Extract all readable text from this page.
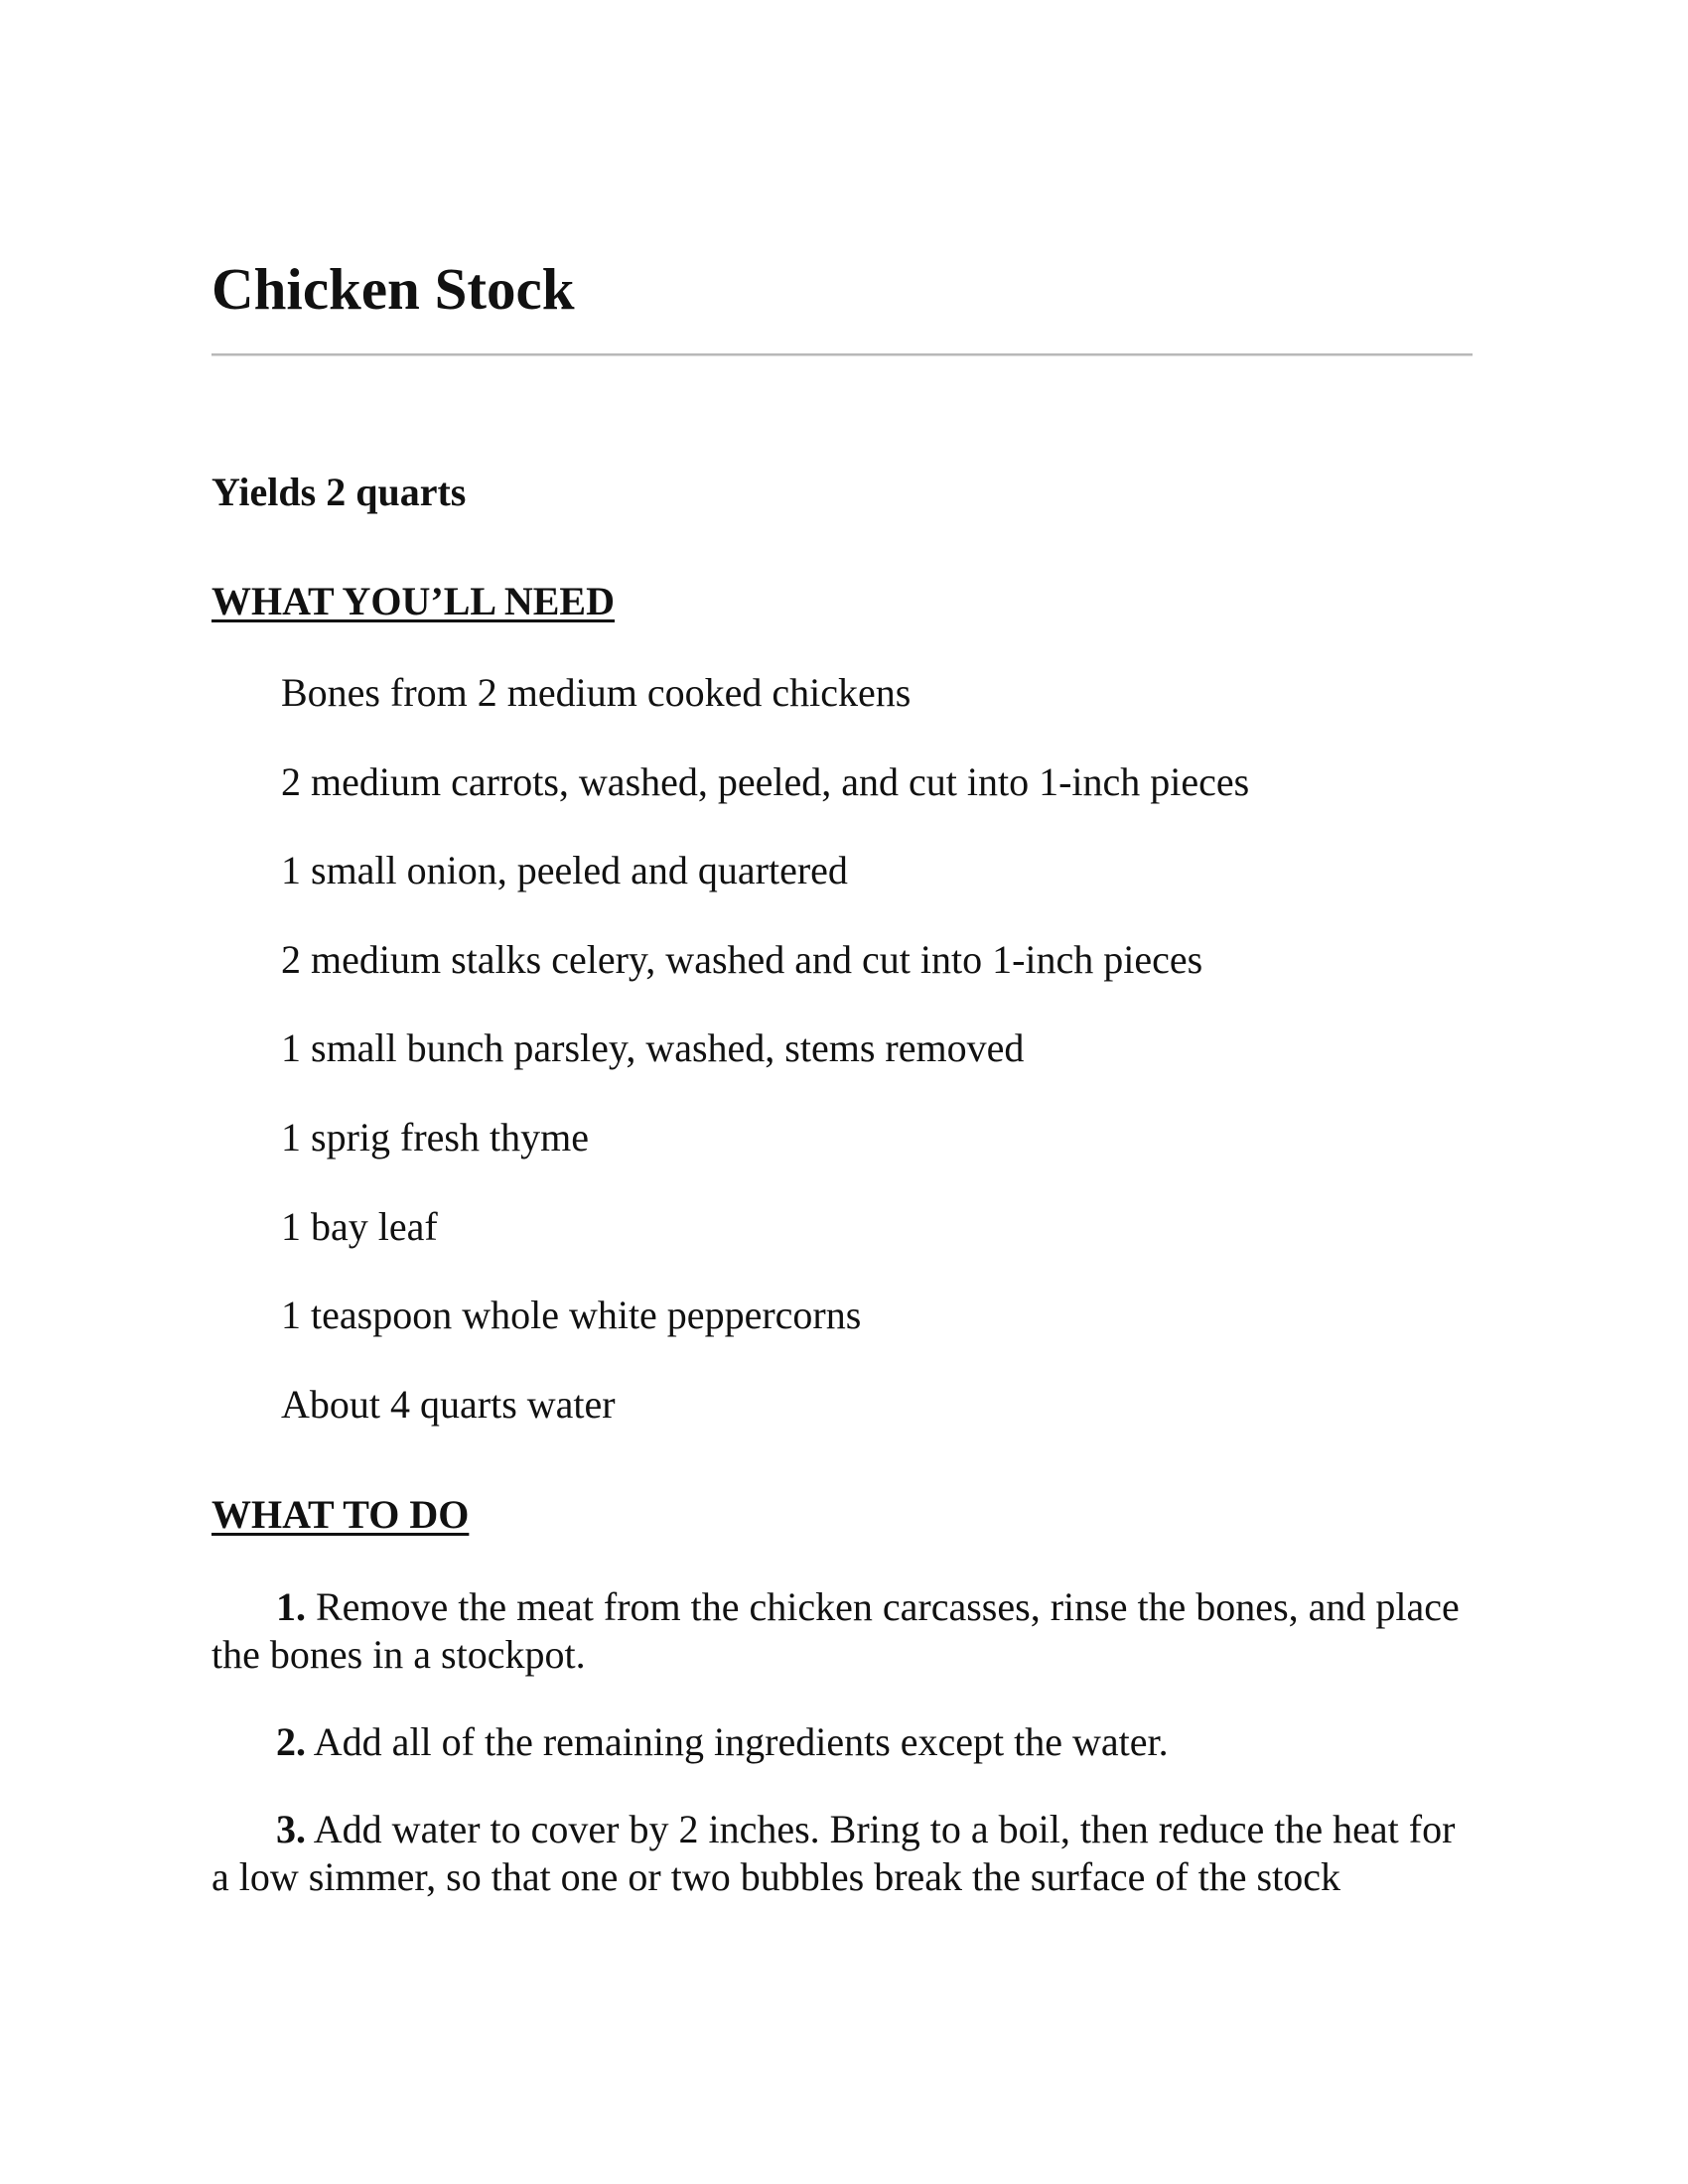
Chicken Stock

Yields 2 quarts

WHAT YOU’LL NEED
Bones from 2 medium cooked chickens
2 medium carrots, washed, peeled, and cut into 1-inch pieces
1 small onion, peeled and quartered
2 medium stalks celery, washed and cut into 1-inch pieces
1 small bunch parsley, washed, stems removed
1 sprig fresh thyme
1 bay leaf
1 teaspoon whole white peppercorns
About 4 quarts water
WHAT TO DO
1. Remove the meat from the chicken carcasses, rinse the bones, and place the bones in a stockpot.
2. Add all of the remaining ingredients except the water.
3. Add water to cover by 2 inches. Bring to a boil, then reduce the heat for a low simmer, so that one or two bubbles break the surface of the stock
